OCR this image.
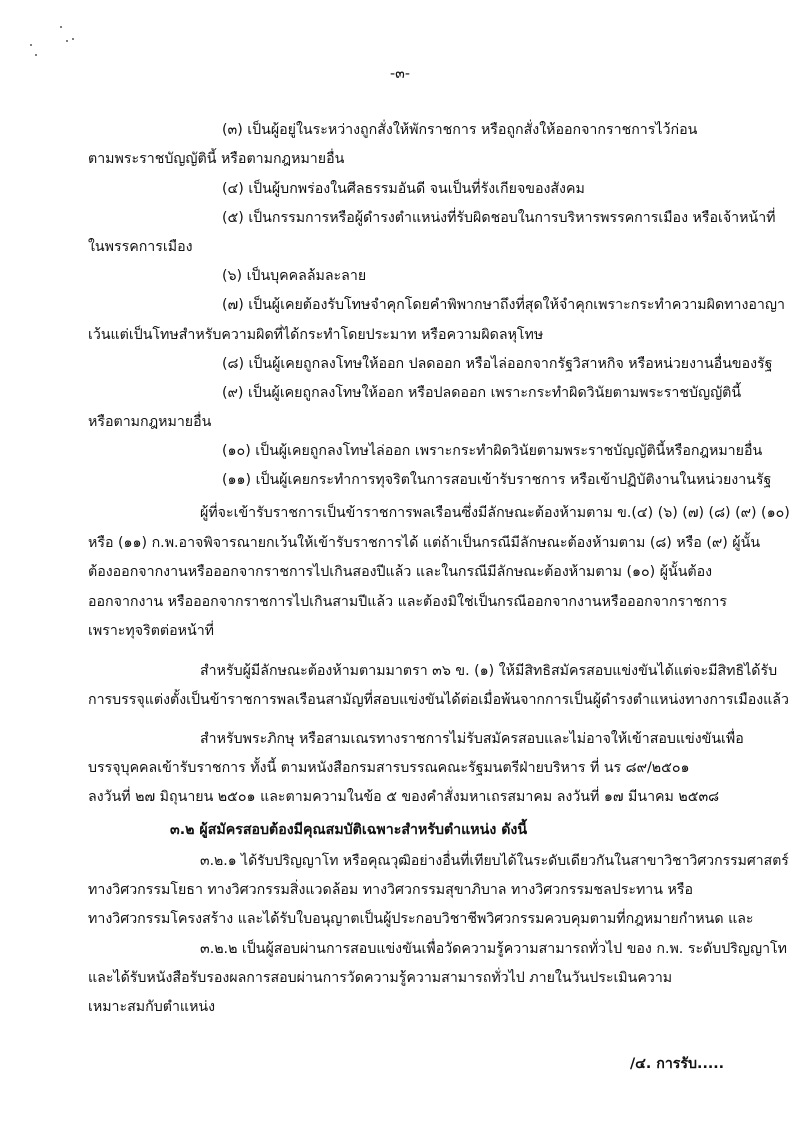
-๓-
(๓) เป็นผู้อยู่ในระหว่างถูกสั่งให้พักราชการ หรือถูกสั่งให้ออกจากราชการไว้ก่อน
ตามพระราชบัญญัตินี้ หรือตามกฎหมายอื่น
(๔) เป็นผู้บกพร่องในศีลธรรมอันดี จนเป็นที่รังเกียจของสังคม
(๕) เป็นกรรมการหรือผู้ดำรงตำแหน่งที่รับผิดชอบในการบริหารพรรคการเมือง หรือเจ้าหน้าที่
ในพรรคการเมือง
(๖) เป็นบุคคลล้มละลาย
(๗) เป็นผู้เคยต้องรับโทษจำคุกโดยคำพิพากษาถึงที่สุดให้จำคุกเพราะกระทำความผิดทางอาญา
เว้นแต่เป็นโทษสำหรับความผิดที่ได้กระทำโดยประมาท หรือความผิดลหุโทษ
(๘) เป็นผู้เคยถูกลงโทษให้ออก ปลดออก หรือไล่ออกจากรัฐวิสาหกิจ หรือหน่วยงานอื่นของรัฐ
(๙) เป็นผู้เคยถูกลงโทษให้ออก หรือปลดออก เพราะกระทำผิดวินัยตามพระราชบัญญัตินี้
หรือตามกฎหมายอื่น
(๑๐) เป็นผู้เคยถูกลงโทษไล่ออก เพราะกระทำผิดวินัยตามพระราชบัญญัตินี้หรือกฎหมายอื่น
(๑๑) เป็นผู้เคยกระทำการทุจริตในการสอบเข้ารับราชการ หรือเข้าปฏิบัติงานในหน่วยงานรัฐ
ผู้ที่จะเข้ารับราชการเป็นข้าราชการพลเรือนซึ่งมีลักษณะต้องห้ามตาม ข.(๔) (๖) (๗) (๘) (๙) (๑๐)
หรือ (๑๑) ก.พ.อาจพิจารณายกเว้นให้เข้ารับราชการได้ แต่ถ้าเป็นกรณีมีลักษณะต้องห้ามตาม (๘) หรือ (๙) ผู้นั้น
ต้องออกจากงานหรือออกจากราชการไปเกินสองปีแล้ว และในกรณีมีลักษณะต้องห้ามตาม (๑๐) ผู้นั้นต้อง
ออกจากงาน หรือออกจากราชการไปเกินสามปีแล้ว และต้องมิใช่เป็นกรณีออกจากงานหรือออกจากราชการ
เพราะทุจริตต่อหน้าที่
สำหรับผู้มีลักษณะต้องห้ามตามมาตรา ๓๖ ข. (๑) ให้มีสิทธิสมัครสอบแข่งขันได้แต่จะมีสิทธิได้รับ
การบรรจุแต่งตั้งเป็นข้าราชการพลเรือนสามัญที่สอบแข่งขันได้ต่อเมื่อพ้นจากการเป็นผู้ดำรงตำแหน่งทางการเมืองแล้ว
สำหรับพระภิกษุ หรือสามเณรทางราชการไม่รับสมัครสอบและไม่อาจให้เข้าสอบแข่งขันเพื่อ
บรรจุบุคคลเข้ารับราชการ ทั้งนี้ ตามหนังสือกรมสารบรรณคณะรัฐมนตรีฝ่ายบริหาร ที่ นร ๘๙/๒๕๐๑
ลงวันที่ ๒๗ มิถุนายน ๒๕๐๑ และตามความในข้อ ๕ ของคำสั่งมหาเถรสมาคม ลงวันที่ ๑๗ มีนาคม ๒๕๓๘
๓.๒ ผู้สมัครสอบต้องมีคุณสมบัติเฉพาะสำหรับตำแหน่ง ดังนี้
๓.๒.๑ ได้รับปริญญาโท หรือคุณวุฒิอย่างอื่นที่เทียบได้ในระดับเดียวกันในสาขาวิชาวิศวกรรมศาสตร์
ทางวิศวกรรมโยธา ทางวิศวกรรมสิ่งแวดล้อม ทางวิศวกรรมสุขาภิบาล ทางวิศวกรรมชลประทาน หรือ
ทางวิศวกรรมโครงสร้าง และได้รับใบอนุญาตเป็นผู้ประกอบวิชาชีพวิศวกรรมควบคุมตามที่กฎหมายกำหนด และ
๓.๒.๒ เป็นผู้สอบผ่านการสอบแข่งขันเพื่อวัดความรู้ความสามารถทั่วไป ของ ก.พ. ระดับปริญญาโท
และได้รับหนังสือรับรองผลการสอบผ่านการวัดความรู้ความสามารถทั่วไป ภายในวันประเมินความ
เหมาะสมกับตำแหน่ง
/๔. การรับ.....
